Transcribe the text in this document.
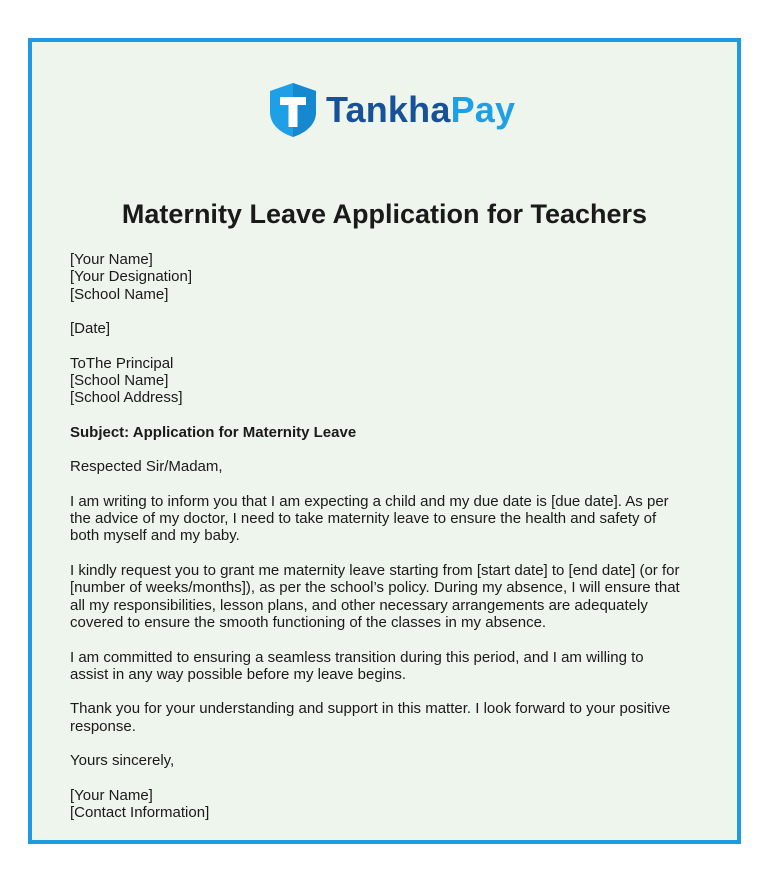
TankhaPay
Maternity Leave Application for Teachers
[Your Name]
[Your Designation]
[School Name]
[Date]
ToThe Principal
[School Name]
[School Address]
Subject: Application for Maternity Leave
Respected Sir/Madam,
I am writing to inform you that I am expecting a child and my due date is [due date]. As per
the advice of my doctor, I need to take maternity leave to ensure the health and safety of
both myself and my baby.
I kindly request you to grant me maternity leave starting from [start date] to [end date] (or for
[number of weeks/months]), as per the school’s policy. During my absence, I will ensure that
all my responsibilities, lesson plans, and other necessary arrangements are adequately
covered to ensure the smooth functioning of the classes in my absence.
I am committed to ensuring a seamless transition during this period, and I am willing to
assist in any way possible before my leave begins.
Thank you for your understanding and support in this matter. I look forward to your positive
response.
Yours sincerely,
[Your Name]
[Contact Information]
